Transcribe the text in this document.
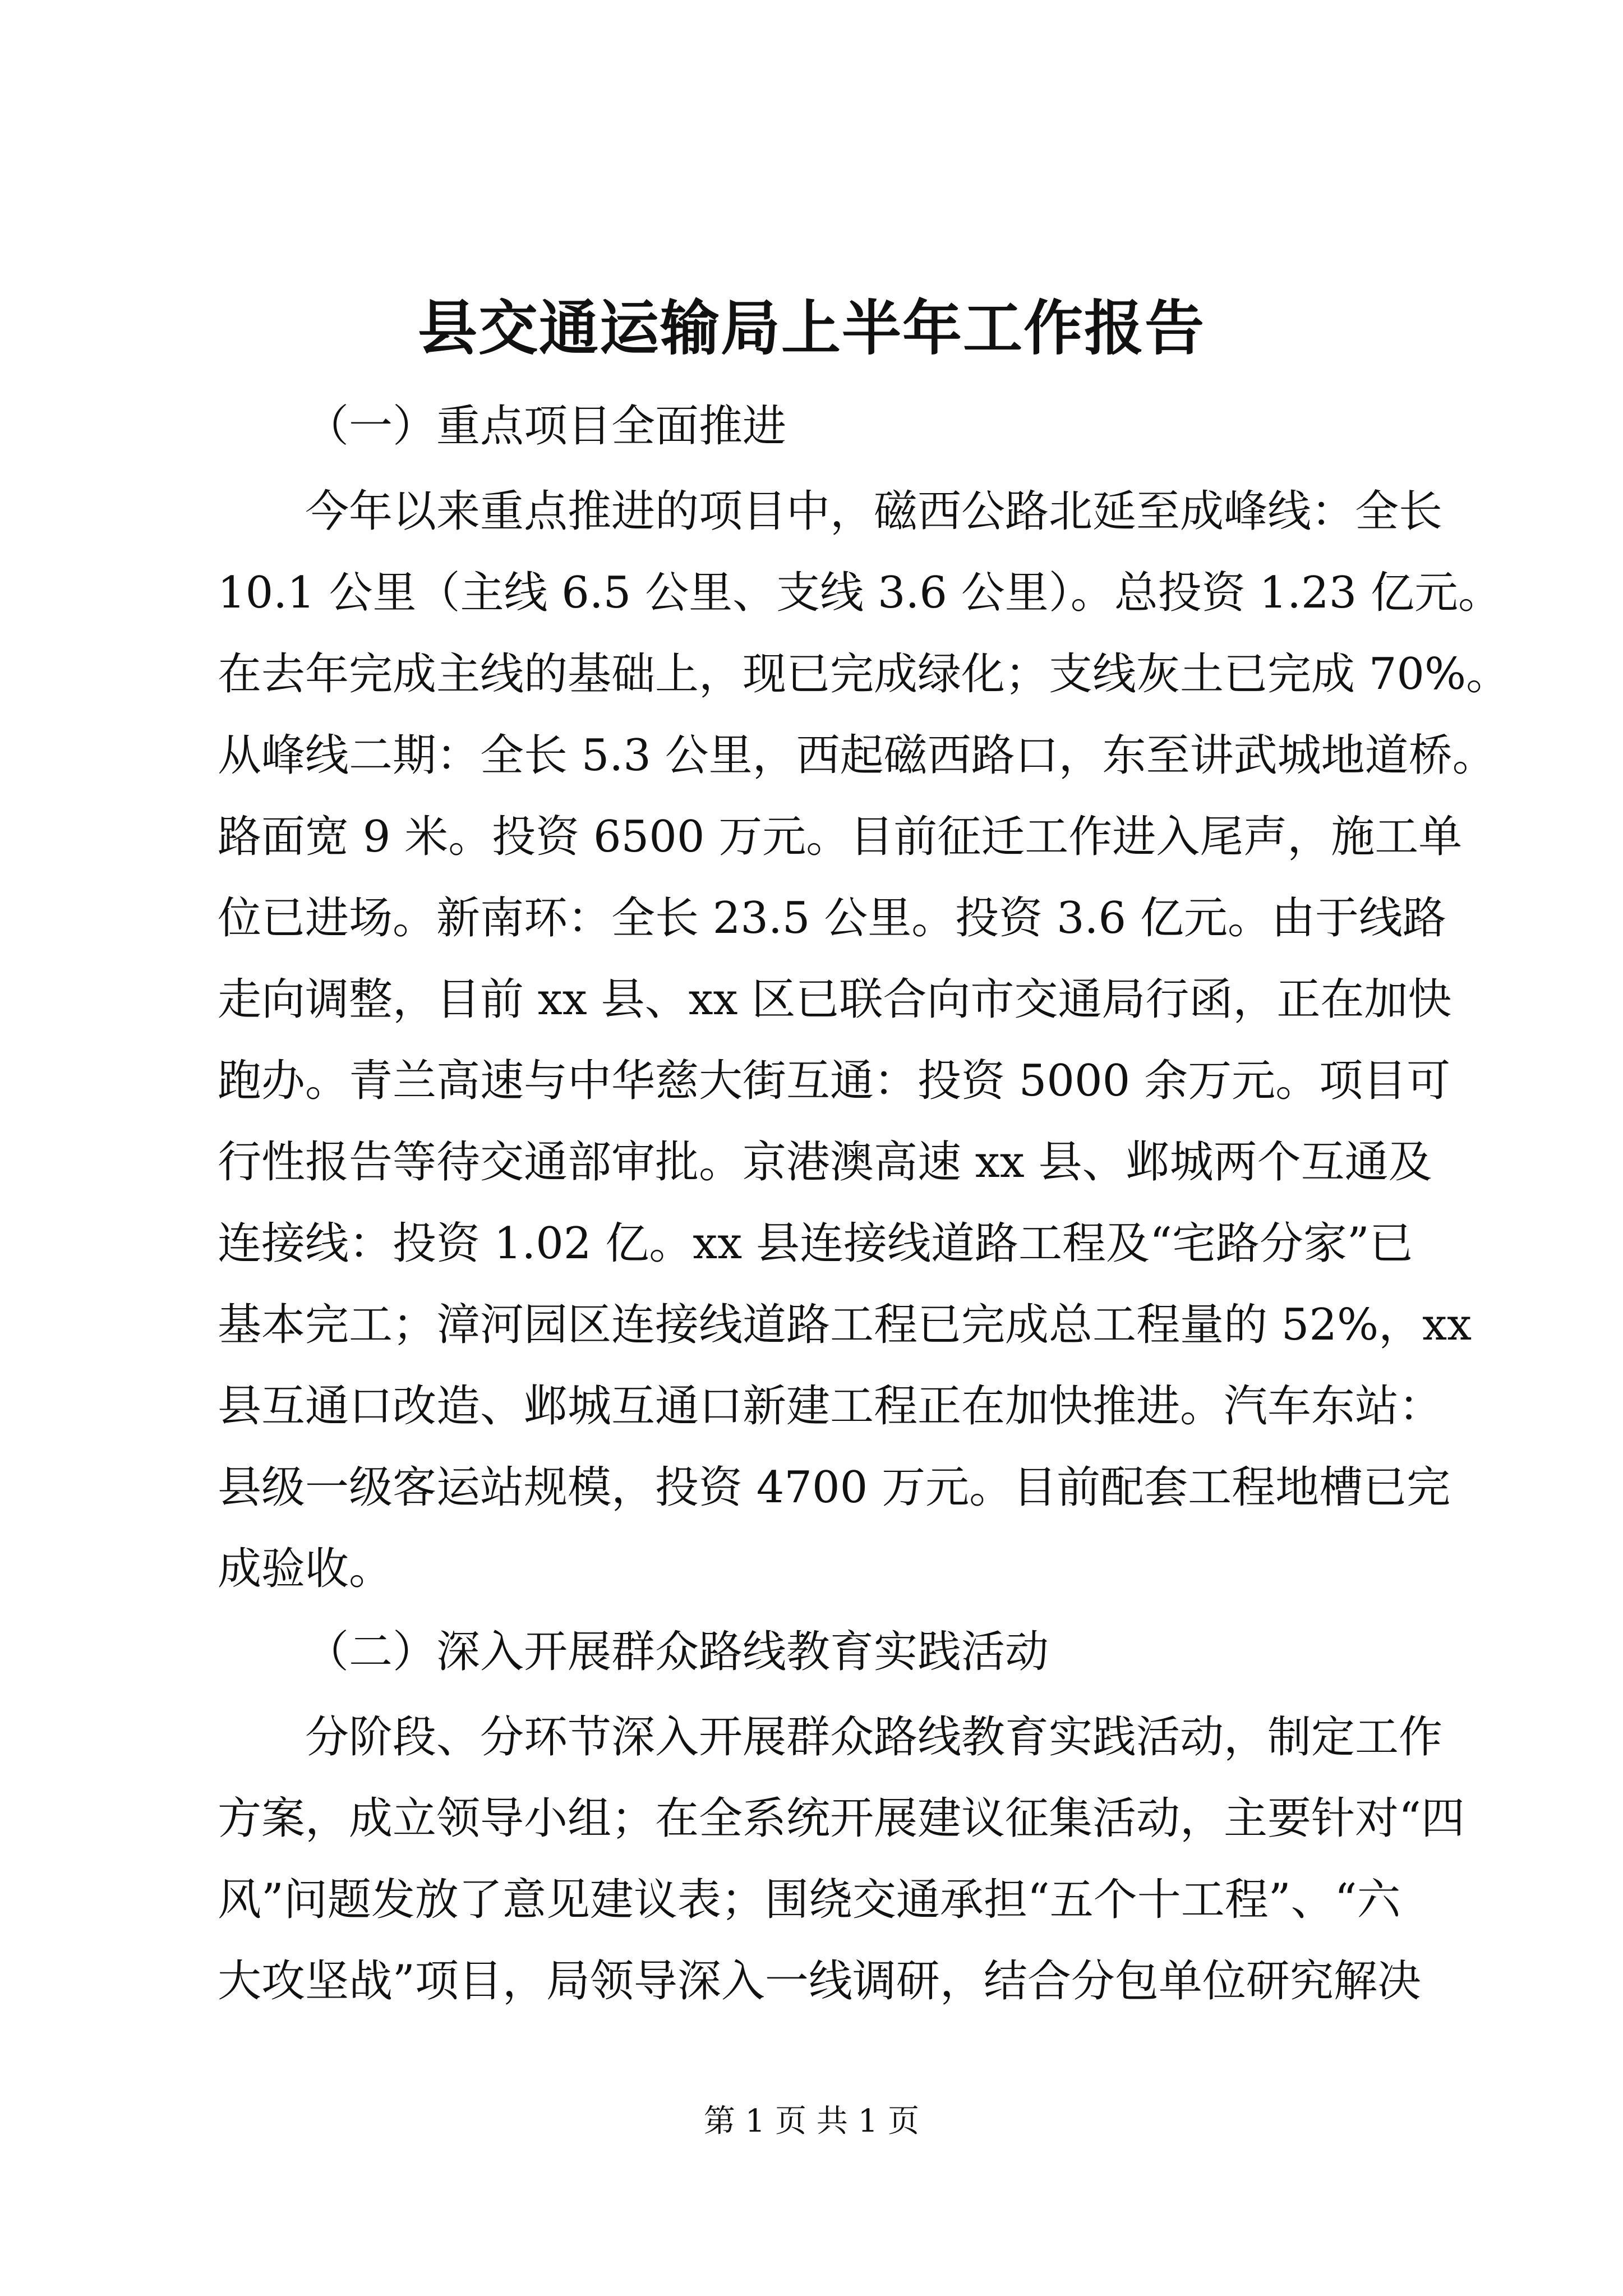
县交通运输局上半年工作报告

（一）重点项目全面推进

今年以来重点推进的项目中，磁西公路北延至成峰线：全长

10.1 公里（主线 6.5 公里、支线 3.6 公里）。总投资 1.23 亿元。

在去年完成主线的基础上，现已完成绿化；支线灰土已完成 70%。

从峰线二期：全长 5.3 公里，西起磁西路口，东至讲武城地道桥。

路面宽 9 米。投资 6500 万元。目前征迁工作进入尾声，施工单

位已进场。新南环：全长 23.5 公里。投资 3.6 亿元。由于线路

走向调整，目前 xx 县、xx 区已联合向市交通局行函，正在加快

跑办。青兰高速与中华慈大街互通：投资 5000 余万元。项目可

行性报告等待交通部审批。京港澳高速 xx 县、邺城两个互通及

连接线：投资 1.02 亿。xx 县连接线道路工程及“宅路分家”已

基本完工；漳河园区连接线道路工程已完成总工程量的 52%，xx

县互通口改造、邺城互通口新建工程正在加快推进。汽车东站：

县级一级客运站规模，投资 4700 万元。目前配套工程地槽已完

成验收。

（二）深入开展群众路线教育实践活动

分阶段、分环节深入开展群众路线教育实践活动，制定工作

方案，成立领导小组；在全系统开展建议征集活动，主要针对“四

风”问题发放了意见建议表；围绕交通承担“五个十工程”、“六

大攻坚战”项目，局领导深入一线调研，结合分包单位研究解决

第 1 页 共 1 页
